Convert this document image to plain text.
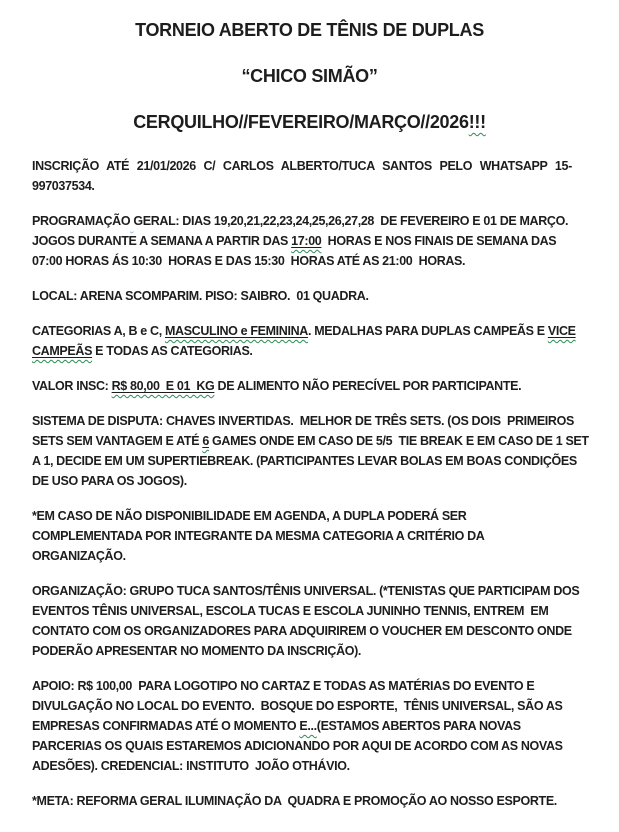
TORNEIO ABERTO DE TÊNIS DE DUPLAS
“CHICO SIMÃO”
CERQUILHO//FEVEREIRO/MARÇO//2026!!!
INSCRIÇÃO ATÉ 21/01/2026 C/ CARLOS ALBERTO/TUCA SANTOS PELO WHATSAPP 15-
997037534.
PROGRAMAÇÃO GERAL: DIAS 19,20,21,22,23,24,25,26,27,28  DE FEVEREIRO E 01 DE MARÇO.
JOGOS DURANTE A SEMANA A PARTIR DAS 17:00  HORAS E NOS FINAIS DE SEMANA DAS
07:00 HORAS ÁS 10:30  HORAS E DAS 15:30  HORAS ATÉ AS 21:00  HORAS.
LOCAL: ARENA SCOMPARIM. PISO: SAIBRO.  01 QUADRA.
CATEGORIAS A, B e C, MASCULINO e FEMININA. MEDALHAS PARA DUPLAS CAMPEÃS E VICE
CAMPEÃS E TODAS AS CATEGORIAS.
VALOR INSC: R$ 80,00  E 01  KG DE ALIMENTO NÃO PERECÍVEL POR PARTICIPANTE.
SISTEMA DE DISPUTA: CHAVES INVERTIDAS.  MELHOR DE TRÊS SETS. (OS DOIS  PRIMEIROS
SETS SEM VANTAGEM E ATÉ 6 GAMES ONDE EM CASO DE 5/5  TIE BREAK E EM CASO DE 1 SET
A 1, DECIDE EM UM SUPERTIEBREAK. (PARTICIPANTES LEVAR BOLAS EM BOAS CONDIÇÕES
DE USO PARA OS JOGOS).
*EM CASO DE NÃO DISPONIBILIDADE EM AGENDA, A DUPLA PODERÁ SER
COMPLEMENTADA POR INTEGRANTE DA MESMA CATEGORIA A CRITÉRIO DA
ORGANIZAÇÃO.
ORGANIZAÇÃO: GRUPO TUCA SANTOS/TÊNIS UNIVERSAL. (*TENISTAS QUE PARTICIPAM DOS
EVENTOS TÊNIS UNIVERSAL, ESCOLA TUCAS E ESCOLA JUNINHO TENNIS, ENTREM  EM
CONTATO COM OS ORGANIZADORES PARA ADQUIRIREM O VOUCHER EM DESCONTO ONDE
PODERÃO APRESENTAR NO MOMENTO DA INSCRIÇÃO).
APOIO: R$ 100,00  PARA LOGOTIPO NO CARTAZ E TODAS AS MATÉRIAS DO EVENTO E
DIVULGAÇÃO NO LOCAL DO EVENTO.  BOSQUE DO ESPORTE,  TÊNIS UNIVERSAL, SÃO AS
EMPRESAS CONFIRMADAS ATÉ O MOMENTO E...(ESTAMOS ABERTOS PARA NOVAS
PARCERIAS OS QUAIS ESTAREMOS ADICIONANDO POR AQUI DE ACORDO COM AS NOVAS
ADESÕES). CREDENCIAL: INSTITUTO  JOÃO OTHÁVIO.
*META: REFORMA GERAL ILUMINAÇÃO DA  QUADRA E PROMOÇÃO AO NOSSO ESPORTE.
